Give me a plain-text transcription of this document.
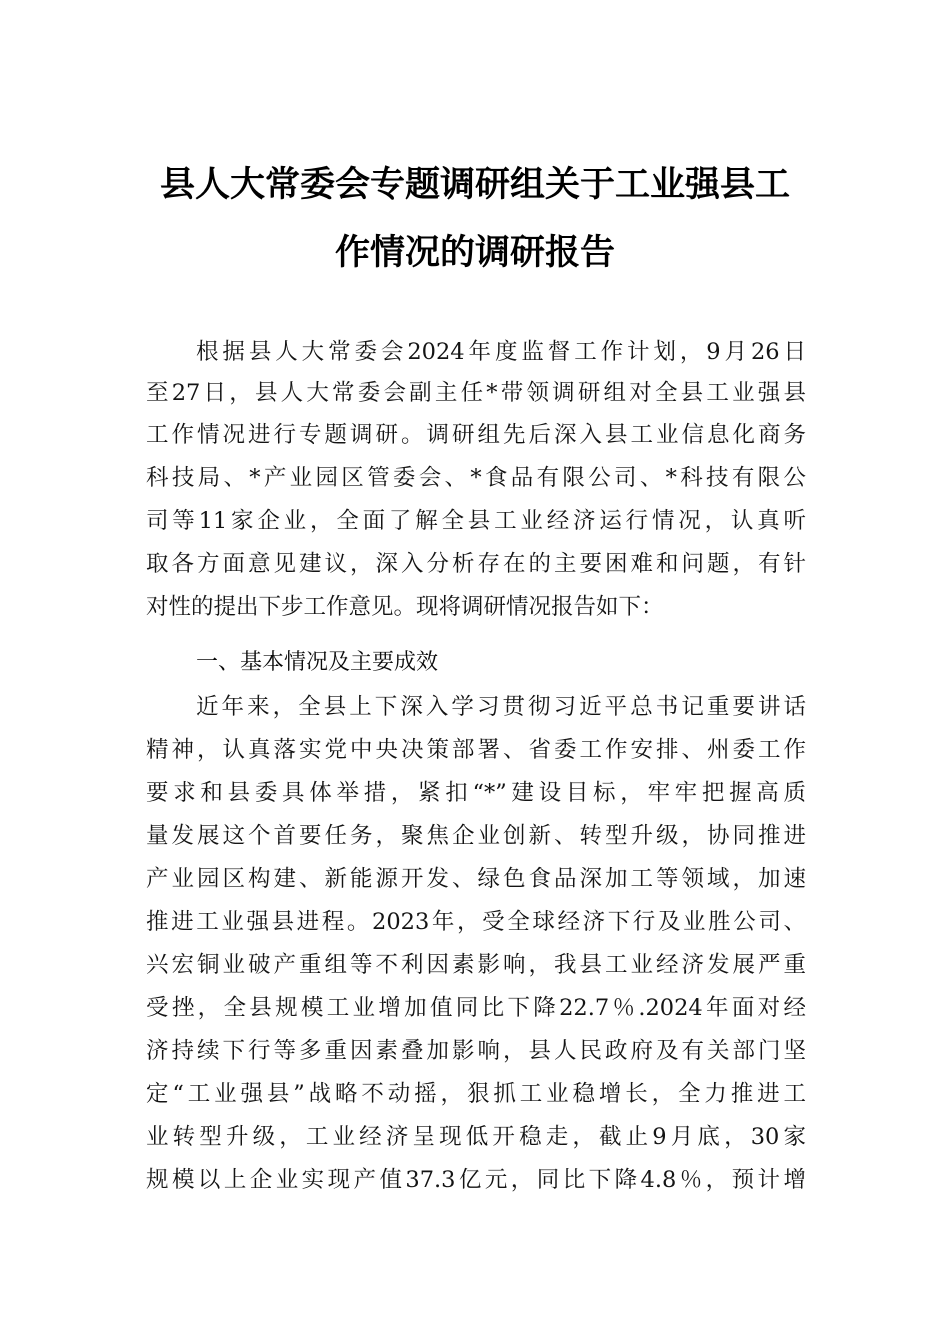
县人大常委会专题调研组关于工业强县工
作情况的调研报告
根据县人大常委会2024年度监督工作计划，9月26日
至27日，县人大常委会副主任*带领调研组对全县工业强县
工作情况进行专题调研。调研组先后深入县工业信息化商务
科技局、*产业园区管委会、*食品有限公司、*科技有限公
司等11家企业，全面了解全县工业经济运行情况，认真听
取各方面意见建议，深入分析存在的主要困难和问题，有针
对性的提出下步工作意见。现将调研情况报告如下：
一、基本情况及主要成效
近年来，全县上下深入学习贯彻习近平总书记重要讲话
精神，认真落实党中央决策部署、省委工作安排、州委工作
要求和县委具体举措，紧扣“*”建设目标，牢牢把握高质
量发展这个首要任务，聚焦企业创新、转型升级，协同推进
产业园区构建、新能源开发、绿色食品深加工等领域，加速
推进工业强县进程。2023年，受全球经济下行及业胜公司、
兴宏铜业破产重组等不利因素影响，我县工业经济发展严重
受挫，全县规模工业增加值同比下降22.7％.2024年面对经
济持续下行等多重因素叠加影响，县人民政府及有关部门坚
定“工业强县”战略不动摇，狠抓工业稳增长，全力推进工
业转型升级，工业经济呈现低开稳走，截止9月底，30家
规模以上企业实现产值37.3亿元，同比下降4.8％，预计增
